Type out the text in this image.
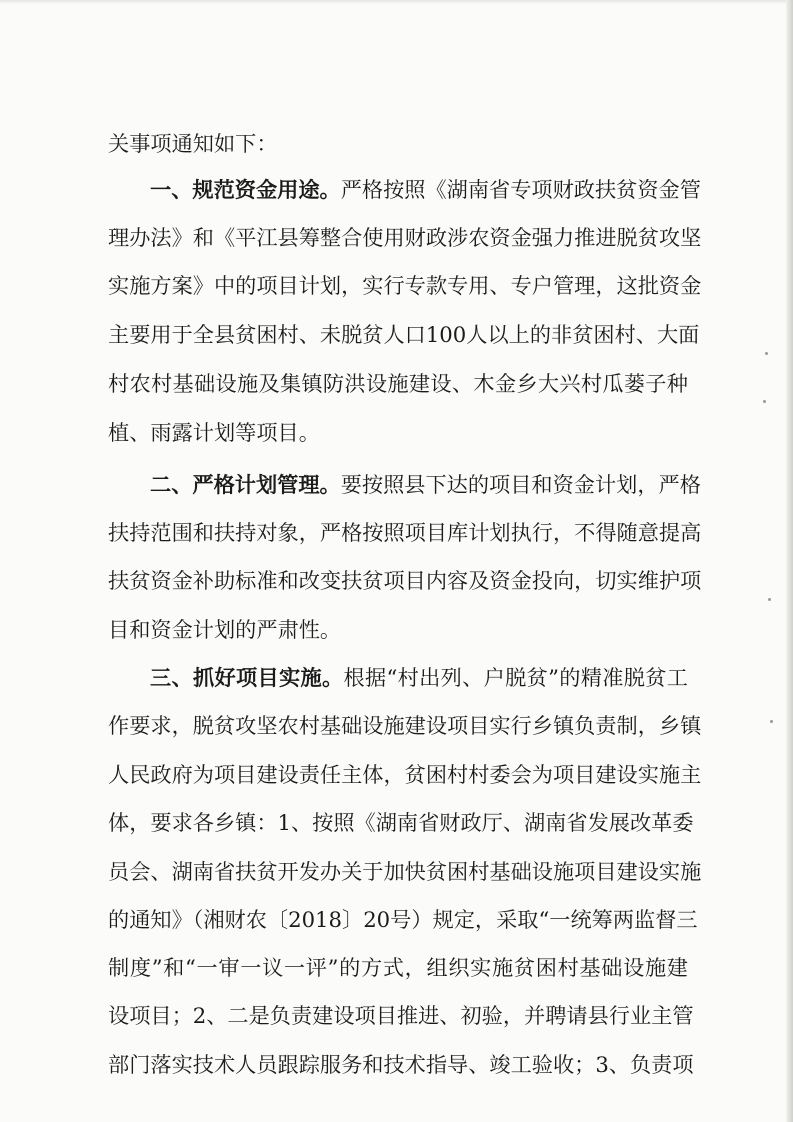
关事项通知如下：
一、规范资金用途。严格按照《湖南省专项财政扶贫资金管
理办法》和《平江县筹整合使用财政涉农资金强力推进脱贫攻坚
实施方案》中的项目计划，实行专款专用、专户管理，这批资金
主要用于全县贫困村、未脱贫人口100人以上的非贫困村、大面
村农村基础设施及集镇防洪设施建设、木金乡大兴村瓜蒌子种
植、雨露计划等项目。
二、严格计划管理。要按照县下达的项目和资金计划，严格
扶持范围和扶持对象，严格按照项目库计划执行，不得随意提高
扶贫资金补助标准和改变扶贫项目内容及资金投向，切实维护项
目和资金计划的严肃性。
三、抓好项目实施。根据“村出列、户脱贫”的精准脱贫工
作要求，脱贫攻坚农村基础设施建设项目实行乡镇负责制，乡镇
人民政府为项目建设责任主体，贫困村村委会为项目建设实施主
体，要求各乡镇：1、按照《湖南省财政厅、湖南省发展改革委
员会、湖南省扶贫开发办关于加快贫困村基础设施项目建设实施
的通知》（湘财农〔2018〕20号）规定，采取“一统筹两监督三
制度”和“一审一议一评”的方式，组织实施贫困村基础设施建
设项目；2、二是负责建设项目推进、初验，并聘请县行业主管
部门落实技术人员跟踪服务和技术指导、竣工验收；3、负责项
